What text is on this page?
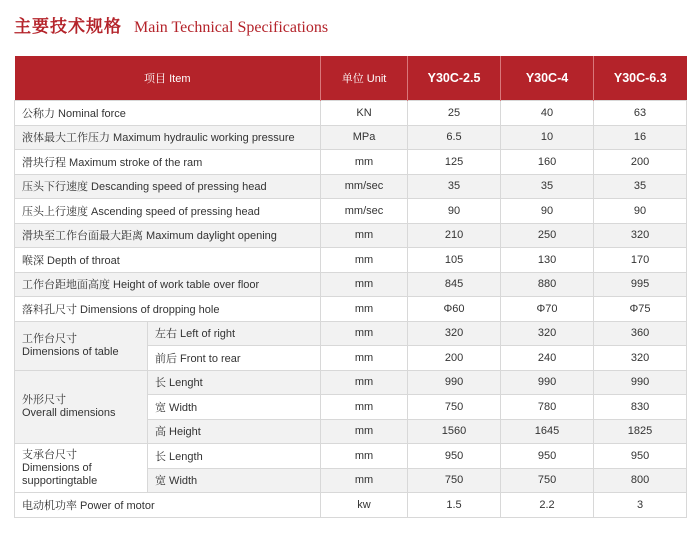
主要技术规格 Main Technical Specifications
项目 Item		单位 Unit	Y30C-2.5	Y30C-4	Y30C-6.3
公称力 Nominal force		KN	25	40	63
液体最大工作压力 Maximum hydraulic working pressure		MPa	6.5	10	16
滑块行程 Maximum stroke of the ram		mm	125	160	200
压头下行速度 Descanding speed of pressing head		mm/sec	35	35	35
压头上行速度 Ascending speed of pressing head		mm/sec	90	90	90
滑块至工作台面最大距离 Maximum daylight opening		mm	210	250	320
喉深 Depth of throat		mm	105	130	170
工作台距地面高度 Height of work table over floor		mm	845	880	995
落料孔尺寸 Dimensions of dropping hole		mm	Φ60	Φ70	Φ75

工作台尺寸
Dimensions of table	左右 Left of right	mm	320	320	360
	前后 Front to rear	mm	200	240	320

外形尺寸
Overall dimensions	长 Lenght	mm	990	990	990
	宽 Width	mm	750	780	830
	高 Height	mm	1560	1645	1825

支承台尺寸
Dimensions of
supportingtable	长 Length	mm	950	950	950
	宽 Width	mm	750	750	800
电动机功率 Power of motor		kw	1.5	2.2	3
